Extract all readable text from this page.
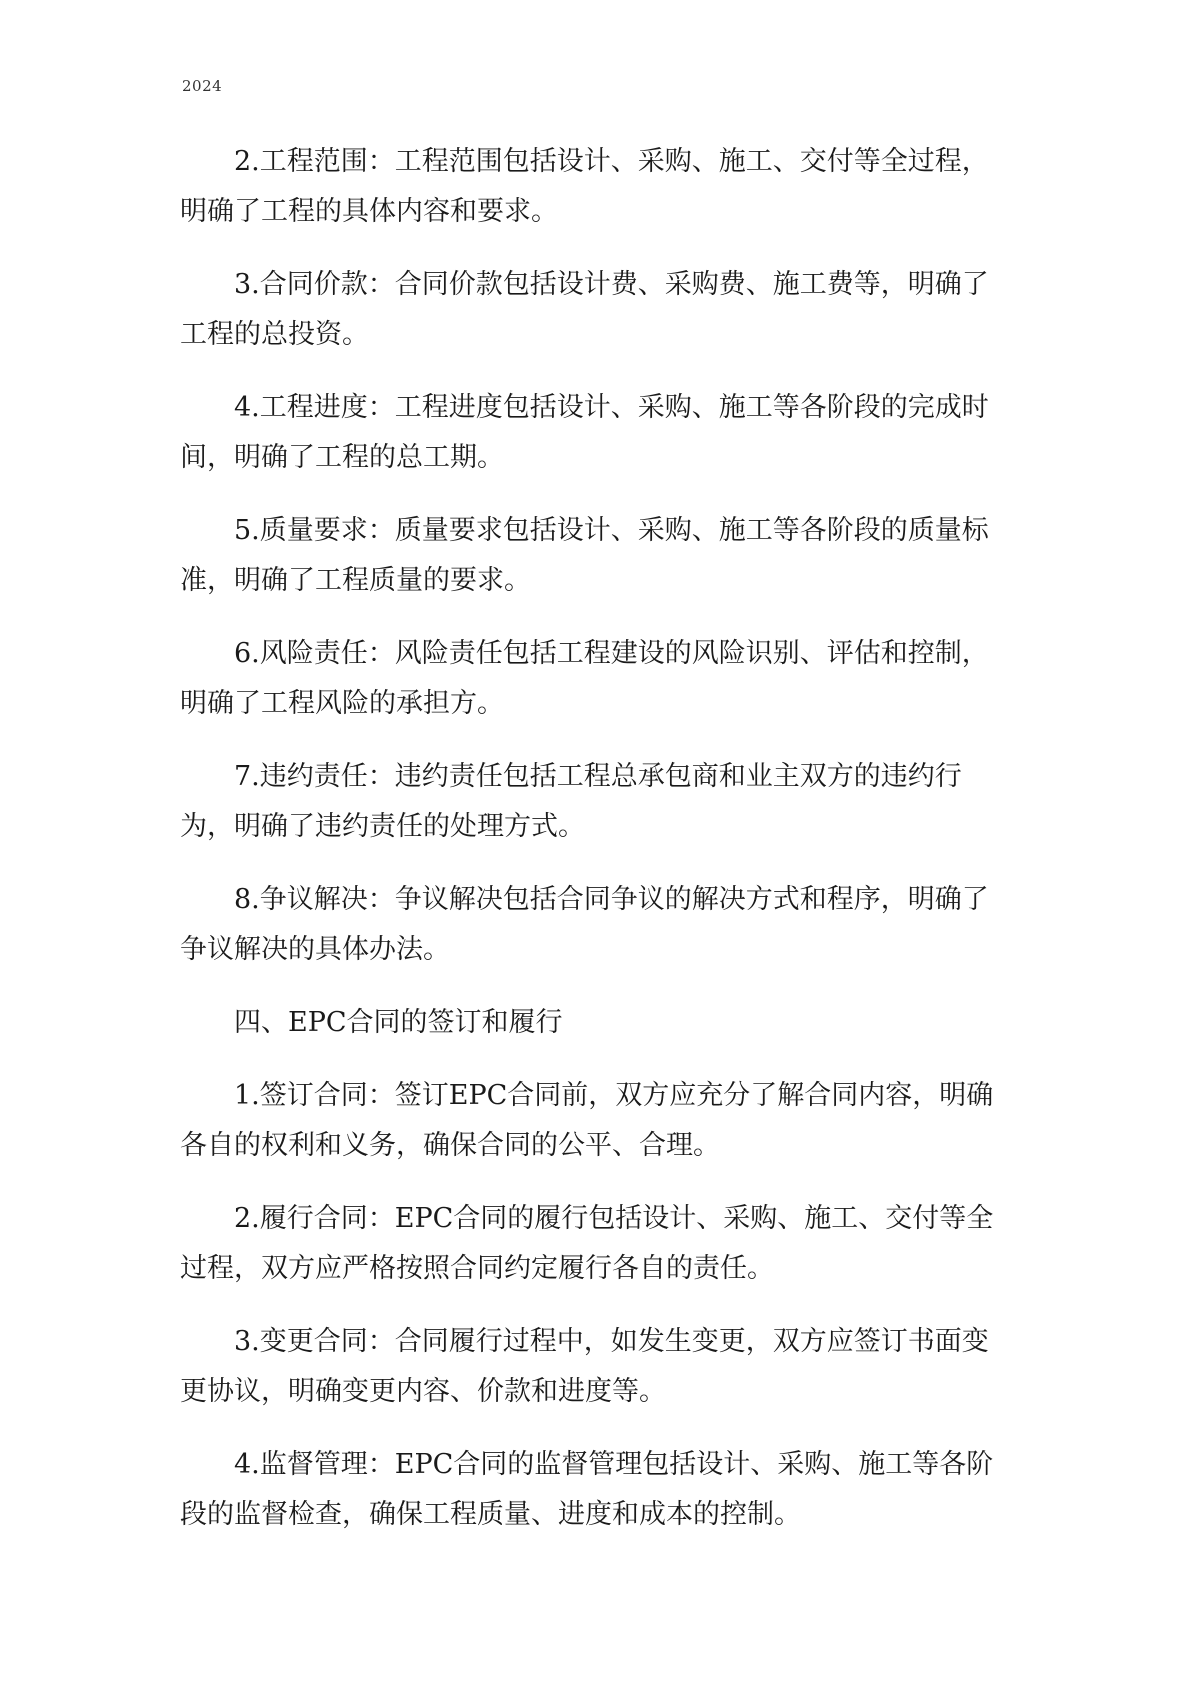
2024

2.工程范围：工程范围包括设计、采购、施工、交付等全过程，明确了工程的具体内容和要求。

3.合同价款：合同价款包括设计费、采购费、施工费等，明确了工程的总投资。

4.工程进度：工程进度包括设计、采购、施工等各阶段的完成时间，明确了工程的总工期。

5.质量要求：质量要求包括设计、采购、施工等各阶段的质量标准，明确了工程质量的要求。

6.风险责任：风险责任包括工程建设的风险识别、评估和控制，明确了工程风险的承担方。

7.违约责任：违约责任包括工程总承包商和业主双方的违约行为，明确了违约责任的处理方式。

8.争议解决：争议解决包括合同争议的解决方式和程序，明确了争议解决的具体办法。

四、EPC合同的签订和履行

1.签订合同：签订EPC合同前，双方应充分了解合同内容，明确各自的权利和义务，确保合同的公平、合理。

2.履行合同：EPC合同的履行包括设计、采购、施工、交付等全过程，双方应严格按照合同约定履行各自的责任。

3.变更合同：合同履行过程中，如发生变更，双方应签订书面变更协议，明确变更内容、价款和进度等。

4.监督管理：EPC合同的监督管理包括设计、采购、施工等各阶段的监督检查，确保工程质量、进度和成本的控制。
